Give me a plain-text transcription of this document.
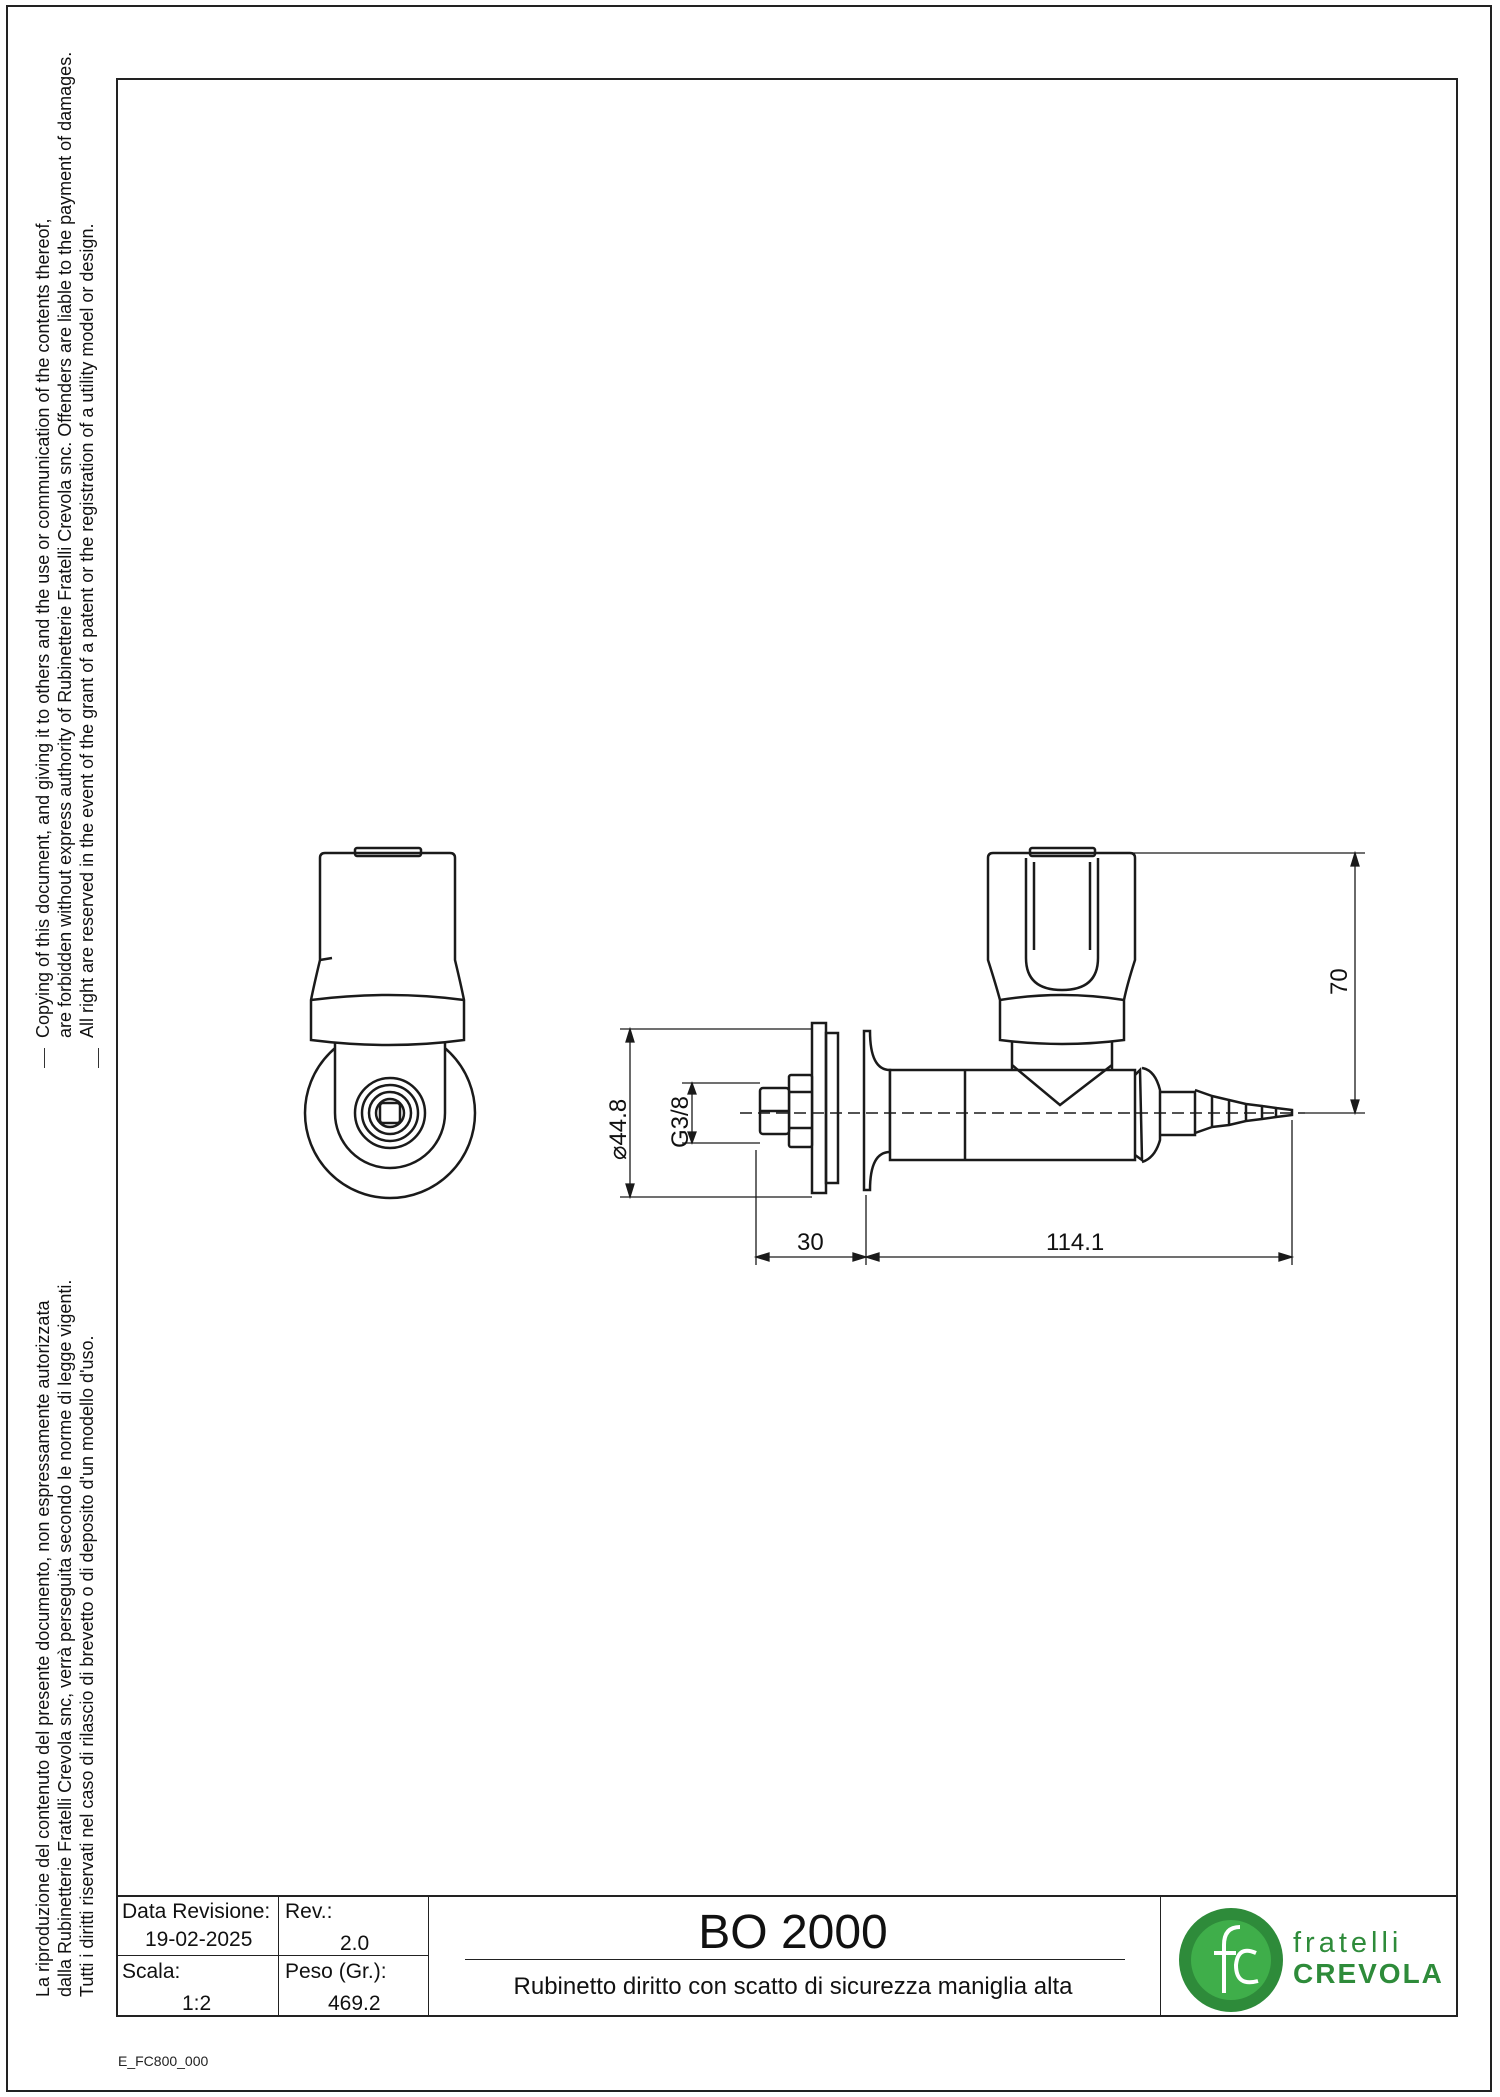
Copying of this document, and giving it to others and the use or communication of the contents thereof, are forbidden without express authority of Rubinetterie Fratelli Crevola snc. Offenders are liable to the payment of damages. All right are reserved in the event of the grant of a patent or the registration of a utility model or design.
La riproduzione del contenuto del presente documento, non espressamente autorizzata dalla Rubinetterie Fratelli Crevola snc, verrà perseguita secondo le norme di legge vigenti. Tutti i diritti riservati nel caso di rilascio di brevetto o di deposito d'un modello d'uso.
70
⌀44.8 G3/8
30	114.1
Data Revisione:
19-02-2025
Rev.:
2.0
Scala:
1:2
Peso (Gr.):
469.2
BO 2000
Rubinetto diritto con scatto di sicurezza maniglia alta
fratelli
CREVOLA
E_FC800_000
